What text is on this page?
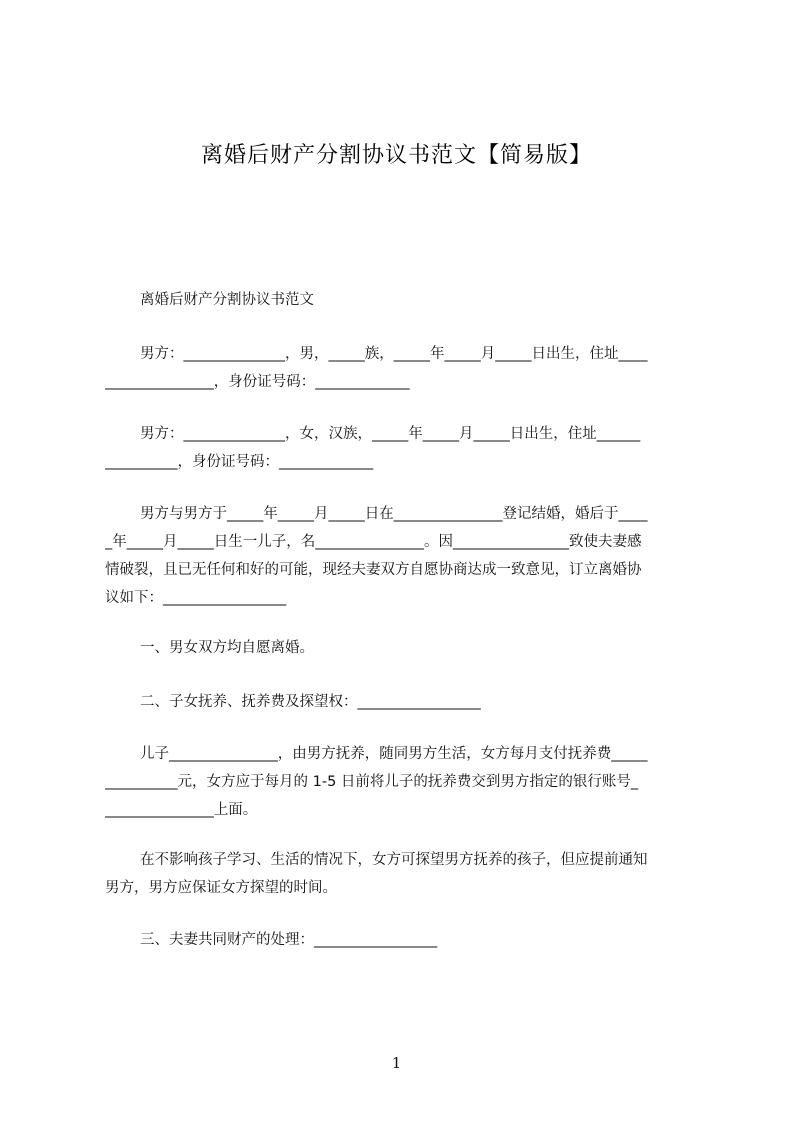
离婚后财产分割协议书范文【简易版】

离婚后财产分割协议书范文

男方：______________，男，_____族，_____年_____月_____日出生，住址____
_______________，身份证号码：_____________

男方：______________，女，汉族，_____年_____月_____日出生，住址______
__________，身份证号码：_____________

男方与男方于_____年_____月_____日在_______________登记结婚，婚后于____
_年_____月_____日生一儿子，名_______________。因________________致使夫妻感
情破裂，且已无任何和好的可能，现经夫妻双方自愿协商达成一致意见，订立离婚协
议如下：_________________

一、男女双方均自愿离婚。

二、子女抚养、抚养费及探望权：_________________

儿子_______________，由男方抚养，随同男方生活，女方每月支付抚养费_____
__________元，女方应于每月的 1-5 日前将儿子的抚养费交到男方指定的银行账号_
_______________上面。

在不影响孩子学习、生活的情况下，女方可探望男方抚养的孩子，但应提前通知
男方，男方应保证女方探望的时间。

三、夫妻共同财产的处理：_________________

1
